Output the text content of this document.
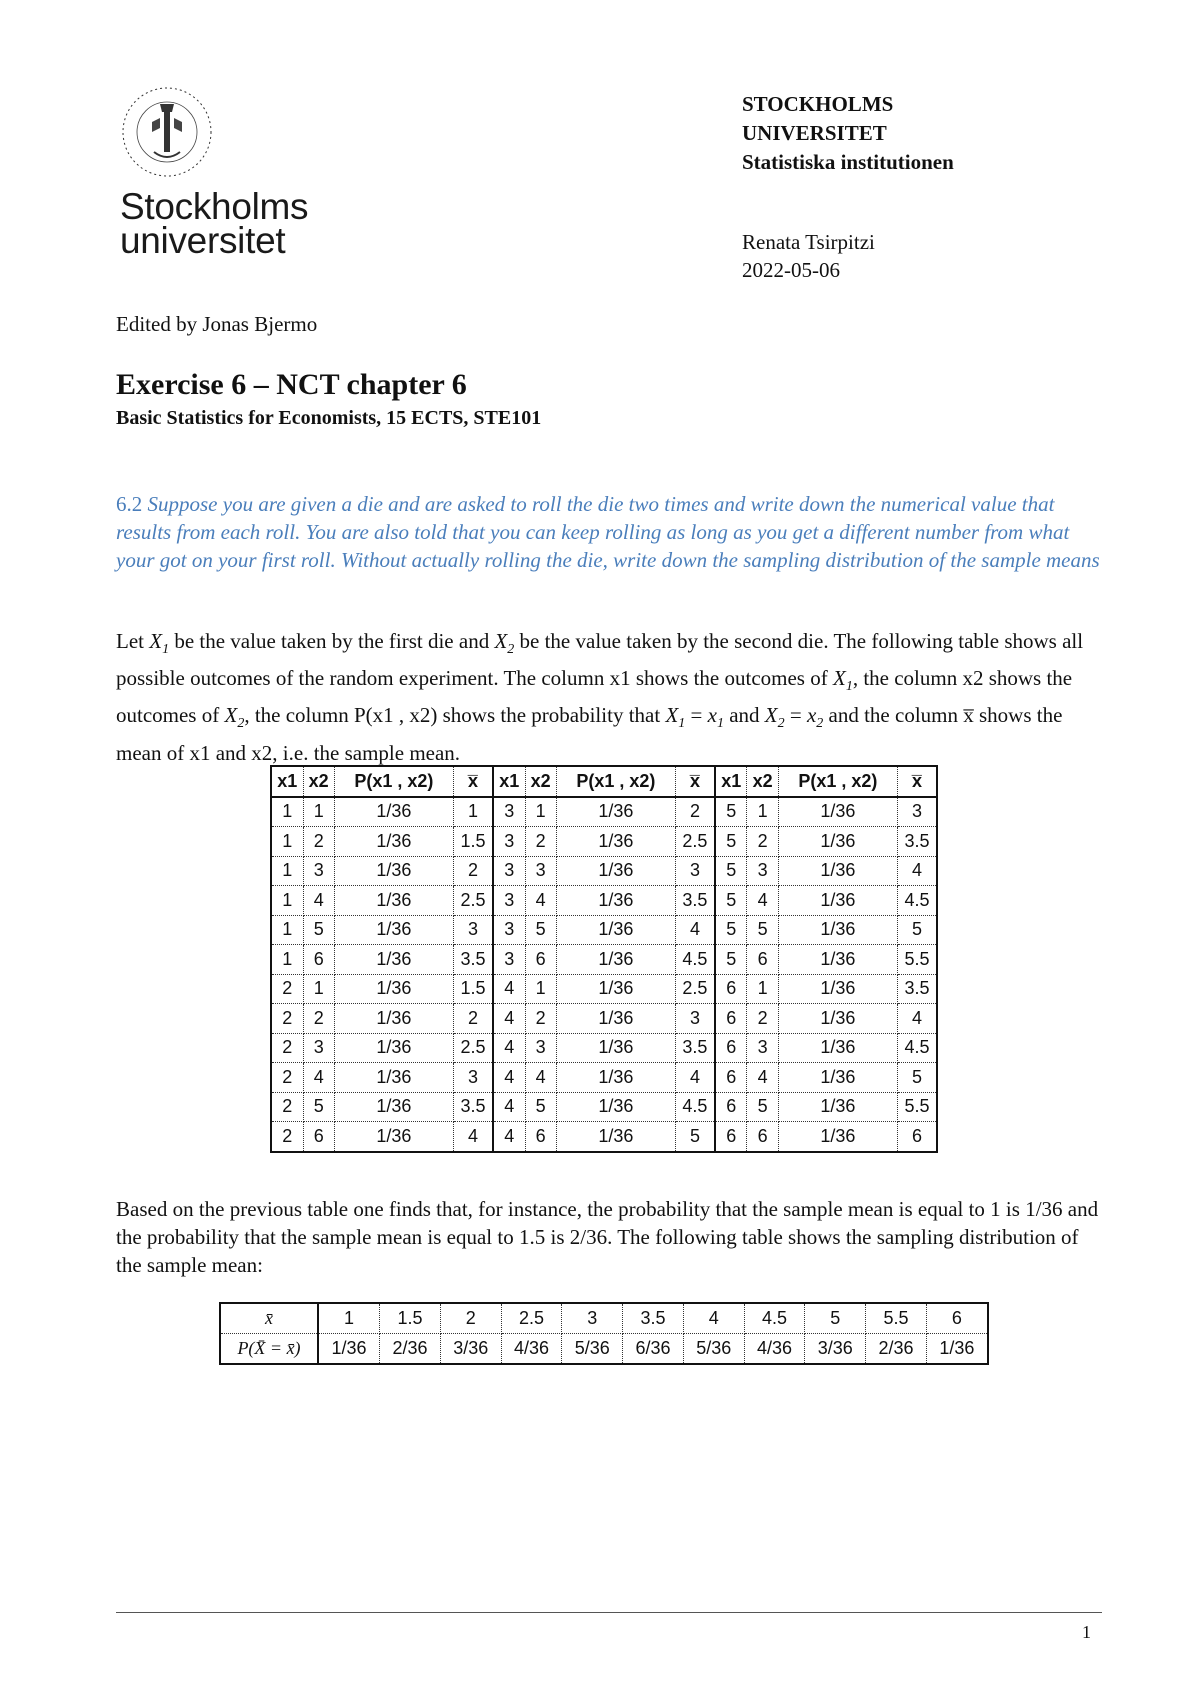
Stockholms
universitet
STOCKHOLMS
UNIVERSITET
Statistiska institutionen
Renata Tsirpitzi
2022-05-06
Edited by Jonas Bjermo
Exercise 6 – NCT chapter 6
Basic Statistics for Economists, 15 ECTS, STE101
6.2 Suppose you are given a die and are asked to roll the die two times and write down the numerical value that results from each roll. You are also told that you can keep rolling as long as you get a different number from what your got on your first roll. Without actually rolling the die, write down the sampling distribution of the sample means
Let $X_1$ be the value taken by the first die and $X_2$ be the value taken by the second die. The following table shows all possible outcomes of the random experiment. The column x1 shows the outcomes of $X_1$, the column x2 shows the outcomes of $X_2$, the column P(x1 , x2) shows the probability that $X_1 = x_1$ and $X_2 = x_2$ and the column x̅ shows the mean of x1 and x2, i.e. the sample mean.
x1	x2	P(x1 , x2)	x̅	x1	x2	P(x1 , x2)	x̅	x1	x2	P(x1 , x2)	x̅
1	1	1/36	1	3	1	1/36	2	5	1	1/36	3
1	2	1/36	1.5	3	2	1/36	2.5	5	2	1/36	3.5
1	3	1/36	2	3	3	1/36	3	5	3	1/36	4
1	4	1/36	2.5	3	4	1/36	3.5	5	4	1/36	4.5
1	5	1/36	3	3	5	1/36	4	5	5	1/36	5
1	6	1/36	3.5	3	6	1/36	4.5	5	6	1/36	5.5
2	1	1/36	1.5	4	1	1/36	2.5	6	1	1/36	3.5
2	2	1/36	2	4	2	1/36	3	6	2	1/36	4
2	3	1/36	2.5	4	3	1/36	3.5	6	3	1/36	4.5
2	4	1/36	3	4	4	1/36	4	6	4	1/36	5
2	5	1/36	3.5	4	5	1/36	4.5	6	5	1/36	5.5
2	6	1/36	4	4	6	1/36	5	6	6	1/36	6
Based on the previous table one finds that, for instance, the probability that the sample mean is equal to 1 is 1/36 and the probability that the sample mean is equal to 1.5 is 2/36. The following table shows the sampling distribution of the sample mean:
x̄	1	1.5	2	2.5	3	3.5	4	4.5	5	5.5	6
P(X̄ = x̄)	1/36	2/36	3/36	4/36	5/36	6/36	5/36	4/36	3/36	2/36	1/36
1
